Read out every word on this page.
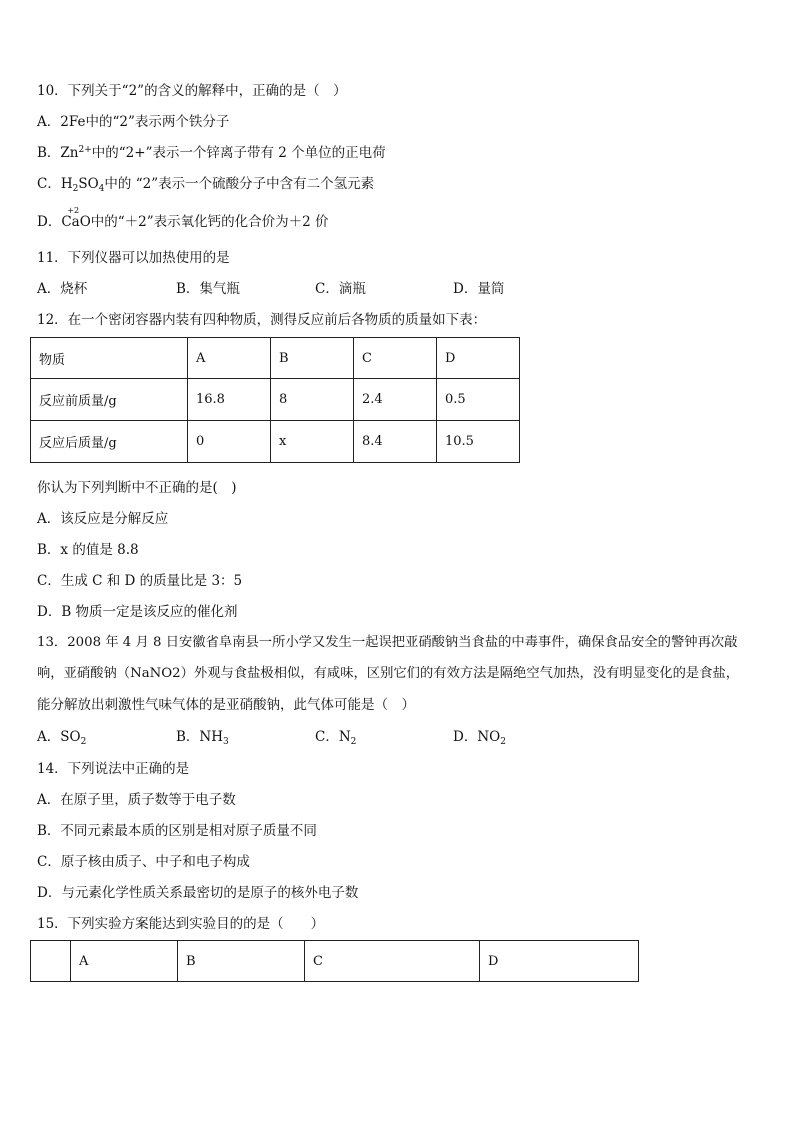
10．下列关于“2”的含义的解释中，正确的是（　）
A．2Fe中的“2”表示两个铁分子
B．$Zn^{2+}$中的“2+”表示一个锌离子带有 2 个单位的正电荷
C．$H_2SO_4$中的 “2”表示一个硫酸分子中含有二个氢元素
D．
+2
CaO中的“＋2”表示氧化钙的化合价为＋2 价
11．下列仪器可以加热使用的是
A．烧杯	B．集气瓶	C．滴瓶	D．量筒
12．在一个密闭容器内装有四种物质，测得反应前后各物质的质量如下表：
物质	A	B	C	D
反应前质量/g	16.8	8	2.4	0.5
反应后质量/g	0	x	8.4	10.5
你认为下列判断中不正确的是(　)
A．该反应是分解反应
B．x 的值是 8.8
C．生成 C 和 D 的质量比是 3：5
D．B 物质一定是该反应的催化剂
13．2008 年 4 月 8 日安徽省阜南县一所小学又发生一起误把亚硝酸钠当食盐的中毒事件，确保食品安全的警钟再次敲
响，亚硝酸钠（NaNO2）外观与食盐极相似，有咸味，区别它们的有效方法是隔绝空气加热，没有明显变化的是食盐，
能分解放出刺激性气味气体的是亚硝酸钠，此气体可能是（　）
A．$SO_2$	B．$NH_3$	C．$N_2$	D．$NO_2$
14．下列说法中正确的是
A．在原子里，质子数等于电子数
B．不同元素最本质的区别是相对原子质量不同
C．原子核由质子、中子和电子构成
D．与元素化学性质关系最密切的是原子的核外电子数
15．下列实验方案能达到实验目的的是（　　）
	A	B	C	D
